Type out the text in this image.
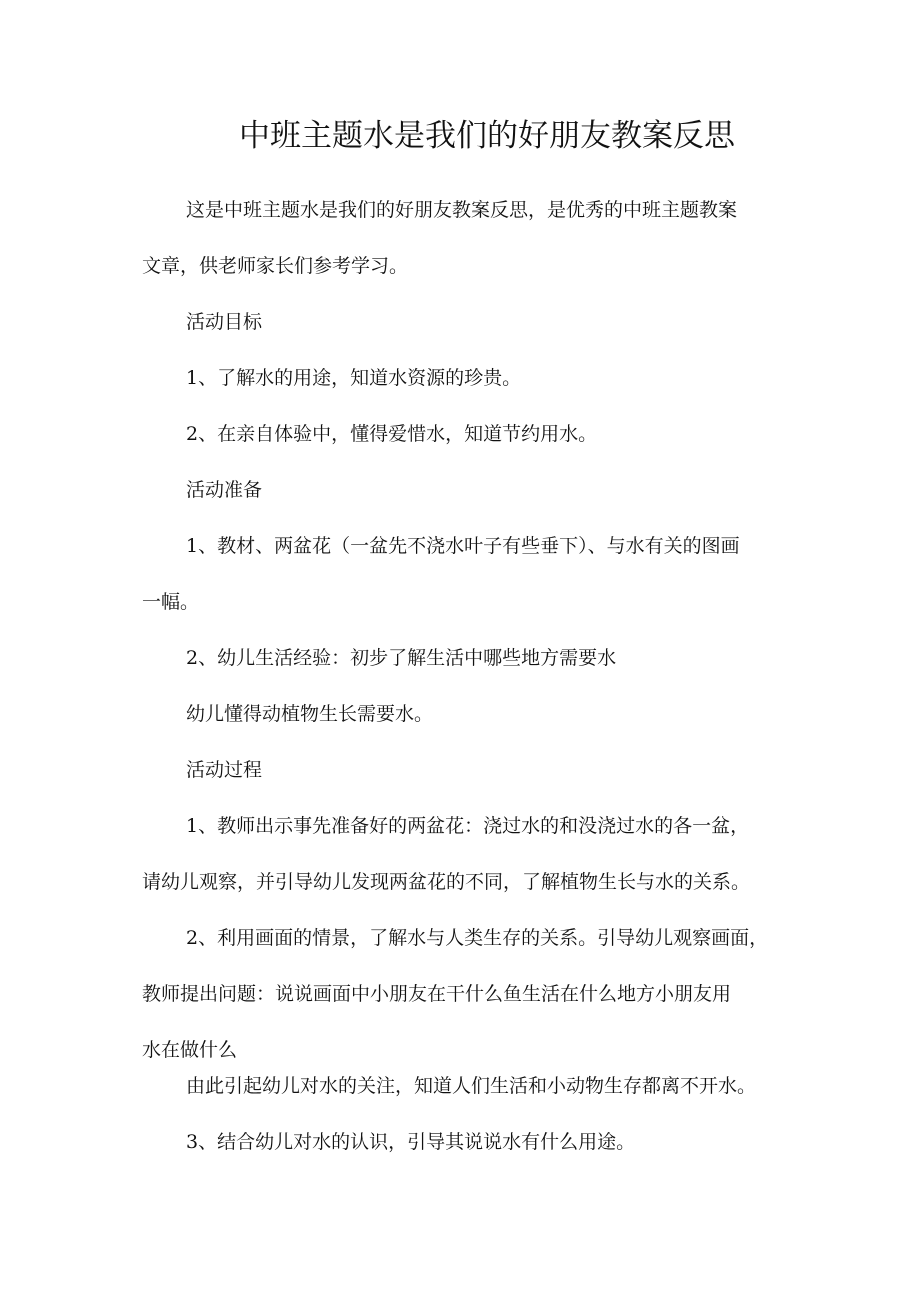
中班主题水是我们的好朋友教案反思

这是中班主题水是我们的好朋友教案反思，是优秀的中班主题教案

文章，供老师家长们参考学习。

活动目标

1、了解水的用途，知道水资源的珍贵。

2、在亲自体验中，懂得爱惜水，知道节约用水。

活动准备

1、教材、两盆花（一盆先不浇水叶子有些垂下）、与水有关的图画

一幅。

2、幼儿生活经验：初步了解生活中哪些地方需要水

幼儿懂得动植物生长需要水。

活动过程

1、教师出示事先准备好的两盆花：浇过水的和没浇过水的各一盆，

请幼儿观察，并引导幼儿发现两盆花的不同，了解植物生长与水的关系。

2、利用画面的情景，了解水与人类生存的关系。引导幼儿观察画面，

教师提出问题：说说画面中小朋友在干什么鱼生活在什么地方小朋友用

水在做什么

由此引起幼儿对水的关注，知道人们生活和小动物生存都离不开水。

3、结合幼儿对水的认识，引导其说说水有什么用途。
